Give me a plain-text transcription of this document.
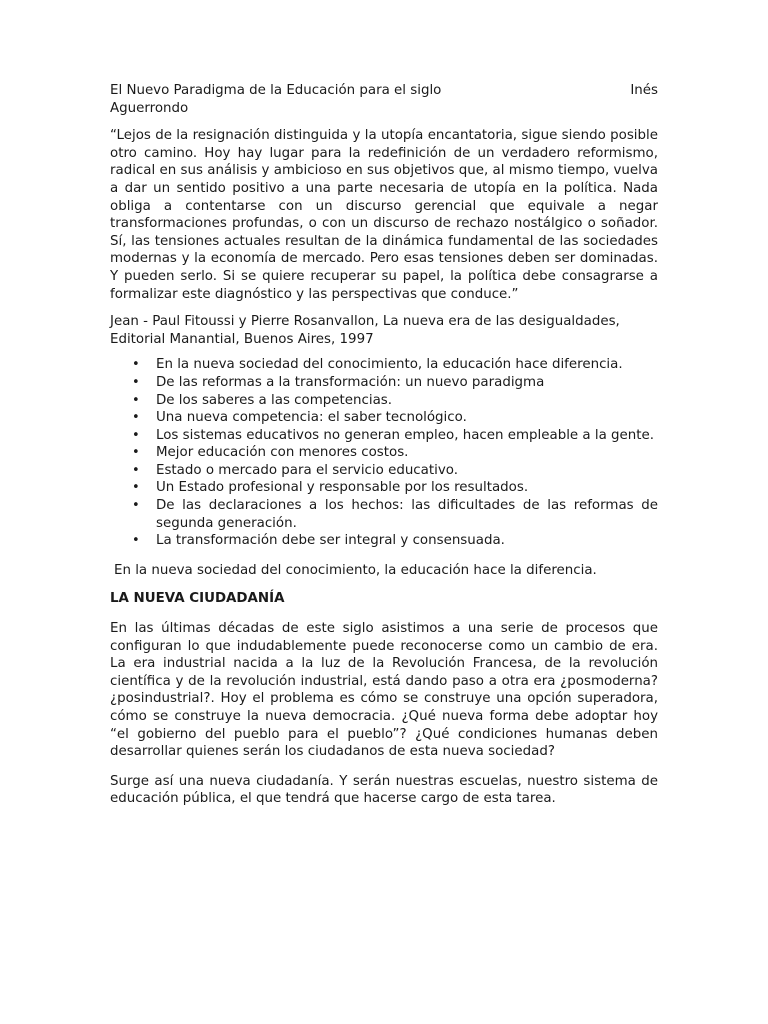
El Nuevo Paradigma de la Educación para el siglo	Inés

Aguerrondo

“Lejos de la resignación distinguida y la utopía encantatoria, sigue siendo posible otro camino. Hoy hay lugar para la redefinición de un verdadero reformismo, radical en sus análisis y ambicioso en sus objetivos que, al mismo tiempo, vuelva a dar un sentido positivo a una parte necesaria de utopía en la política. Nada obliga a contentarse con un discurso gerencial que equivale a negar transformaciones profundas, o con un discurso de rechazo nostálgico o soñador. Sí, las tensiones actuales resultan de la dinámica fundamental de las sociedades modernas y la economía de mercado. Pero esas tensiones deben ser dominadas. Y pueden serlo. Si se quiere recuperar su papel, la política debe consagrarse a formalizar este diagnóstico y las perspectivas que conduce.”

Jean - Paul Fitoussi y Pierre Rosanvallon, La nueva era de las desigualdades, Editorial Manantial, Buenos Aires, 1997

• En la nueva sociedad del conocimiento, la educación hace diferencia.
• De las reformas a la transformación: un nuevo paradigma
• De los saberes a las competencias.
• Una nueva competencia: el saber tecnológico.
• Los sistemas educativos no generan empleo, hacen empleable a la gente.
• Mejor educación con menores costos.
• Estado o mercado para el servicio educativo.
• Un Estado profesional y responsable por los resultados.
• De las declaraciones a los hechos: las dificultades de las reformas de segunda generación.
• La transformación debe ser integral y consensuada.

En la nueva sociedad del conocimiento, la educación hace la diferencia.

LA NUEVA CIUDADANÍA

En las últimas décadas de este siglo asistimos a una serie de procesos que configuran lo que indudablemente puede reconocerse como un cambio de era. La era industrial nacida a la luz de la Revolución Francesa, de la revolución científica y de la revolución industrial, está dando paso a otra era ¿posmoderna? ¿posindustrial?. Hoy el problema es cómo se construye una opción superadora, cómo se construye la nueva democracia. ¿Qué nueva forma debe adoptar hoy “el gobierno del pueblo para el pueblo”? ¿Qué condiciones humanas deben desarrollar quienes serán los ciudadanos de esta nueva sociedad?

Surge así una nueva ciudadanía. Y serán nuestras escuelas, nuestro sistema de educación pública, el que tendrá que hacerse cargo de esta tarea.
